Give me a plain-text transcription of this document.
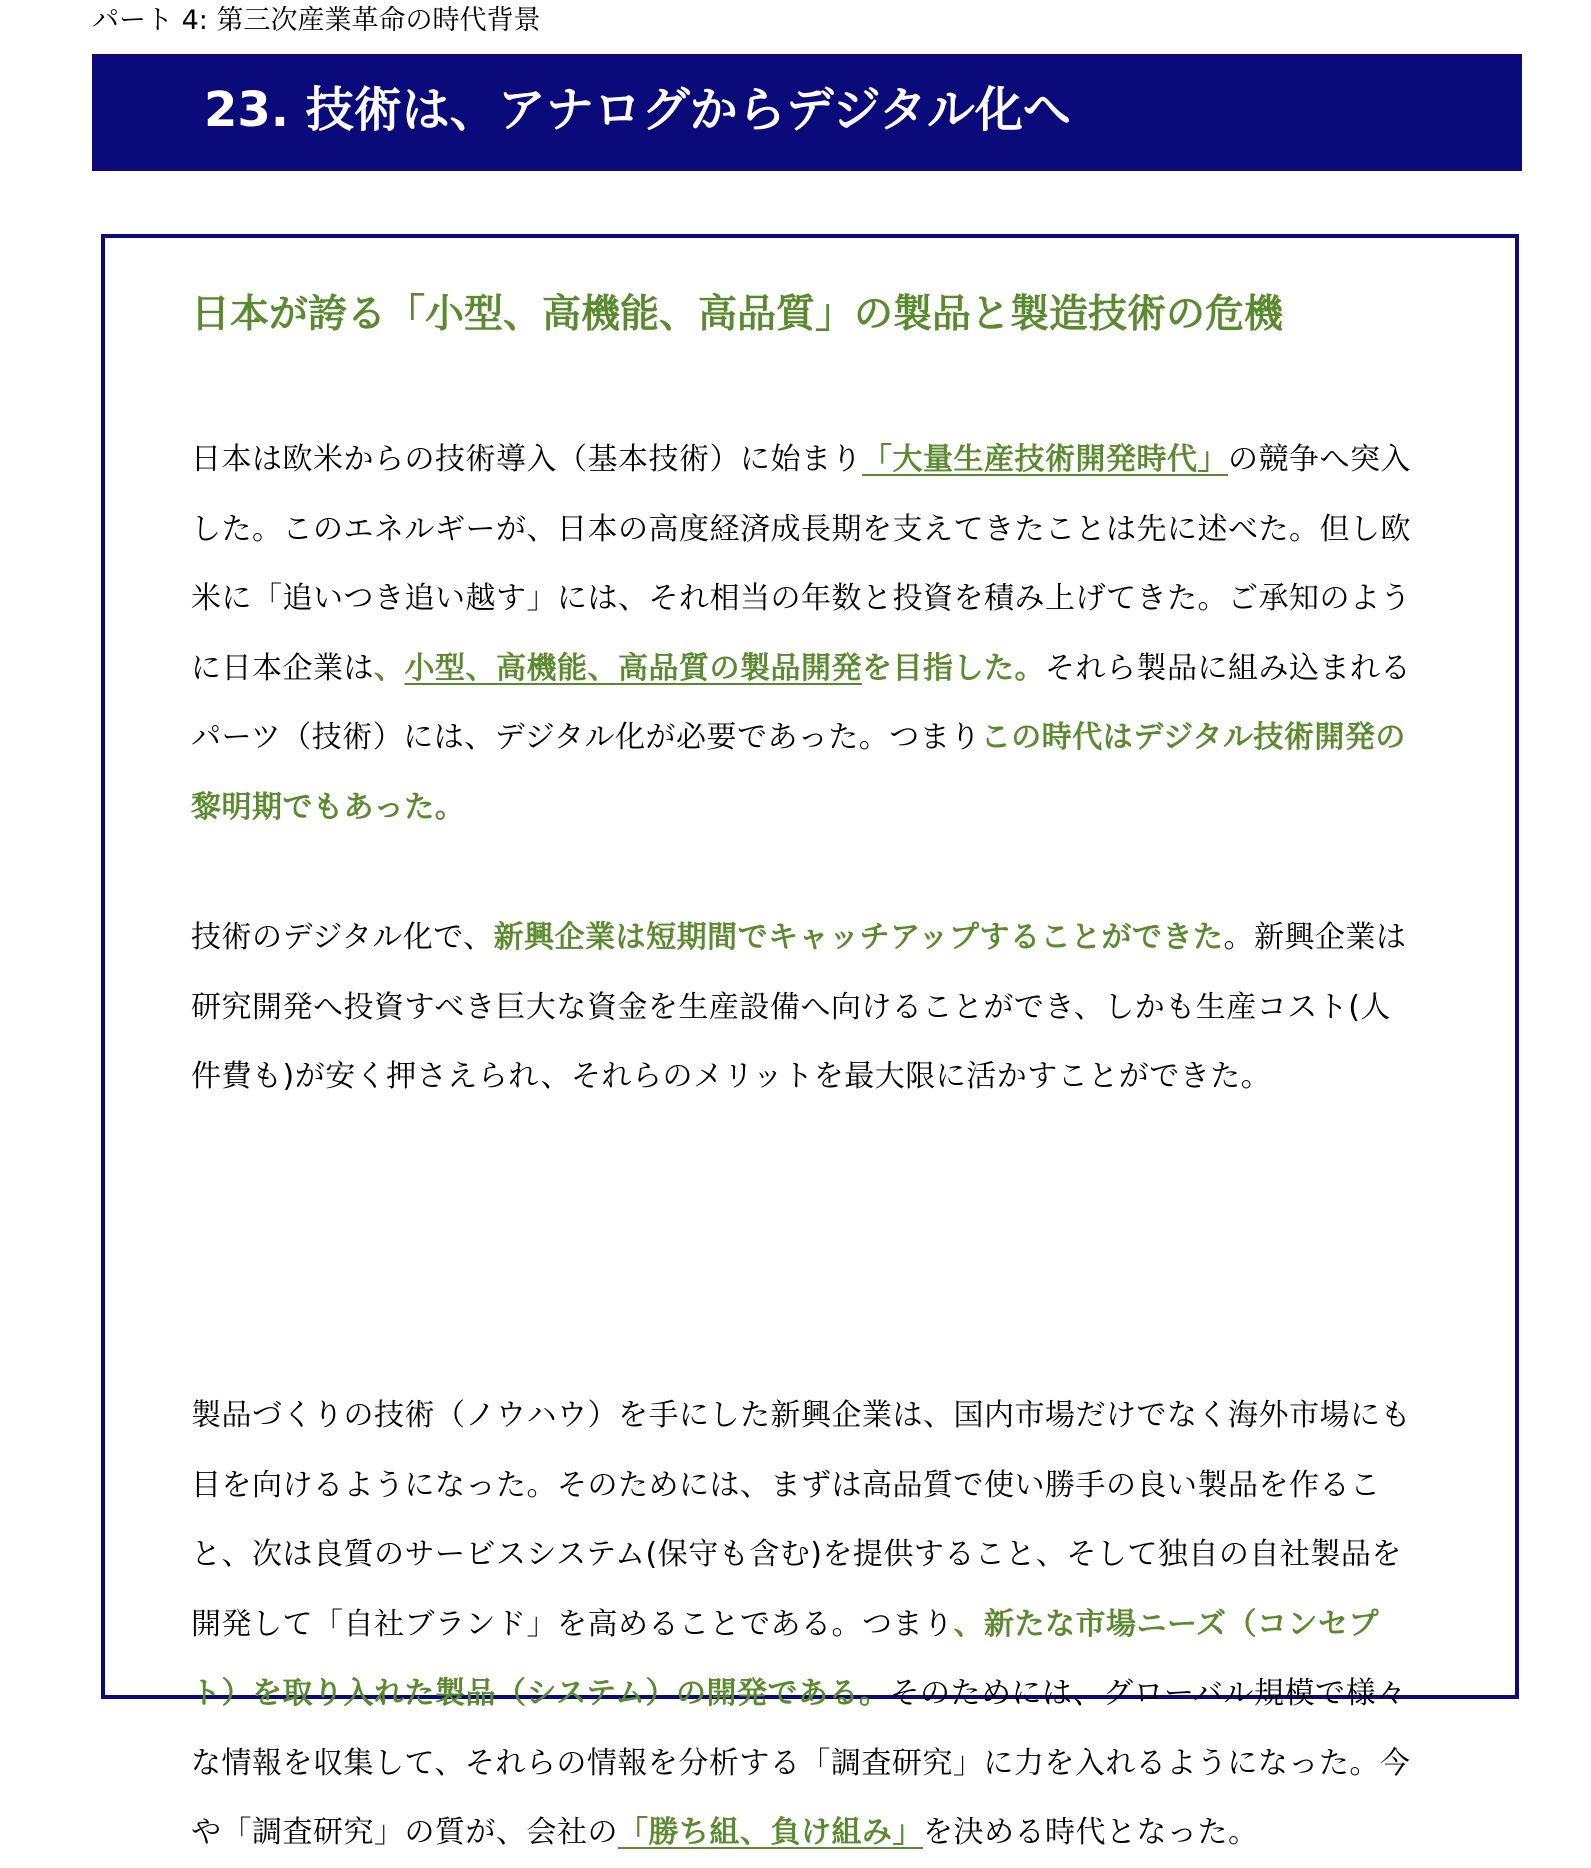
パート 4: 第三次産業革命の時代背景
23. 技術は、アナログからデジタル化へ
日本が誇る「小型、高機能、高品質」の製品と製造技術の危機

日本は欧米からの技術導入（基本技術）に始まり「大量生産技術開発時代」の競争へ突入した。このエネルギーが、日本の高度経済成長期を支えてきたことは先に述べた。但し欧米に「追いつき追い越す」には、それ相当の年数と投資を積み上げてきた。ご承知のように日本企業は、小型、高機能、高品質の製品開発を目指した。それら製品に組み込まれるパーツ（技術）には、デジタル化が必要であった。つまりこの時代はデジタル技術開発の黎明期でもあった。

技術のデジタル化で、新興企業は短期間でキャッチアップすることができた。新興企業は研究開発へ投資すべき巨大な資金を生産設備へ向けることができ、しかも生産コスト(人件費も)が安く押さえられ、それらのメリットを最大限に活かすことができた。

製品づくりの技術（ノウハウ）を手にした新興企業は、国内市場だけでなく海外市場にも目を向けるようになった。そのためには、まずは高品質で使い勝手の良い製品を作ること、次は良質のサービスシステム(保守も含む)を提供すること、そして独自の自社製品を開発して「自社ブランド」を高めることである。つまり、新たな市場ニーズ（コンセプト）を取り入れた製品（システム）の開発である。そのためには、グローバル規模で様々な情報を収集して、それらの情報を分析する「調査研究」に力を入れるようになった。今や「調査研究」の質が、会社の「勝ち組、負け組み」を決める時代となった。
